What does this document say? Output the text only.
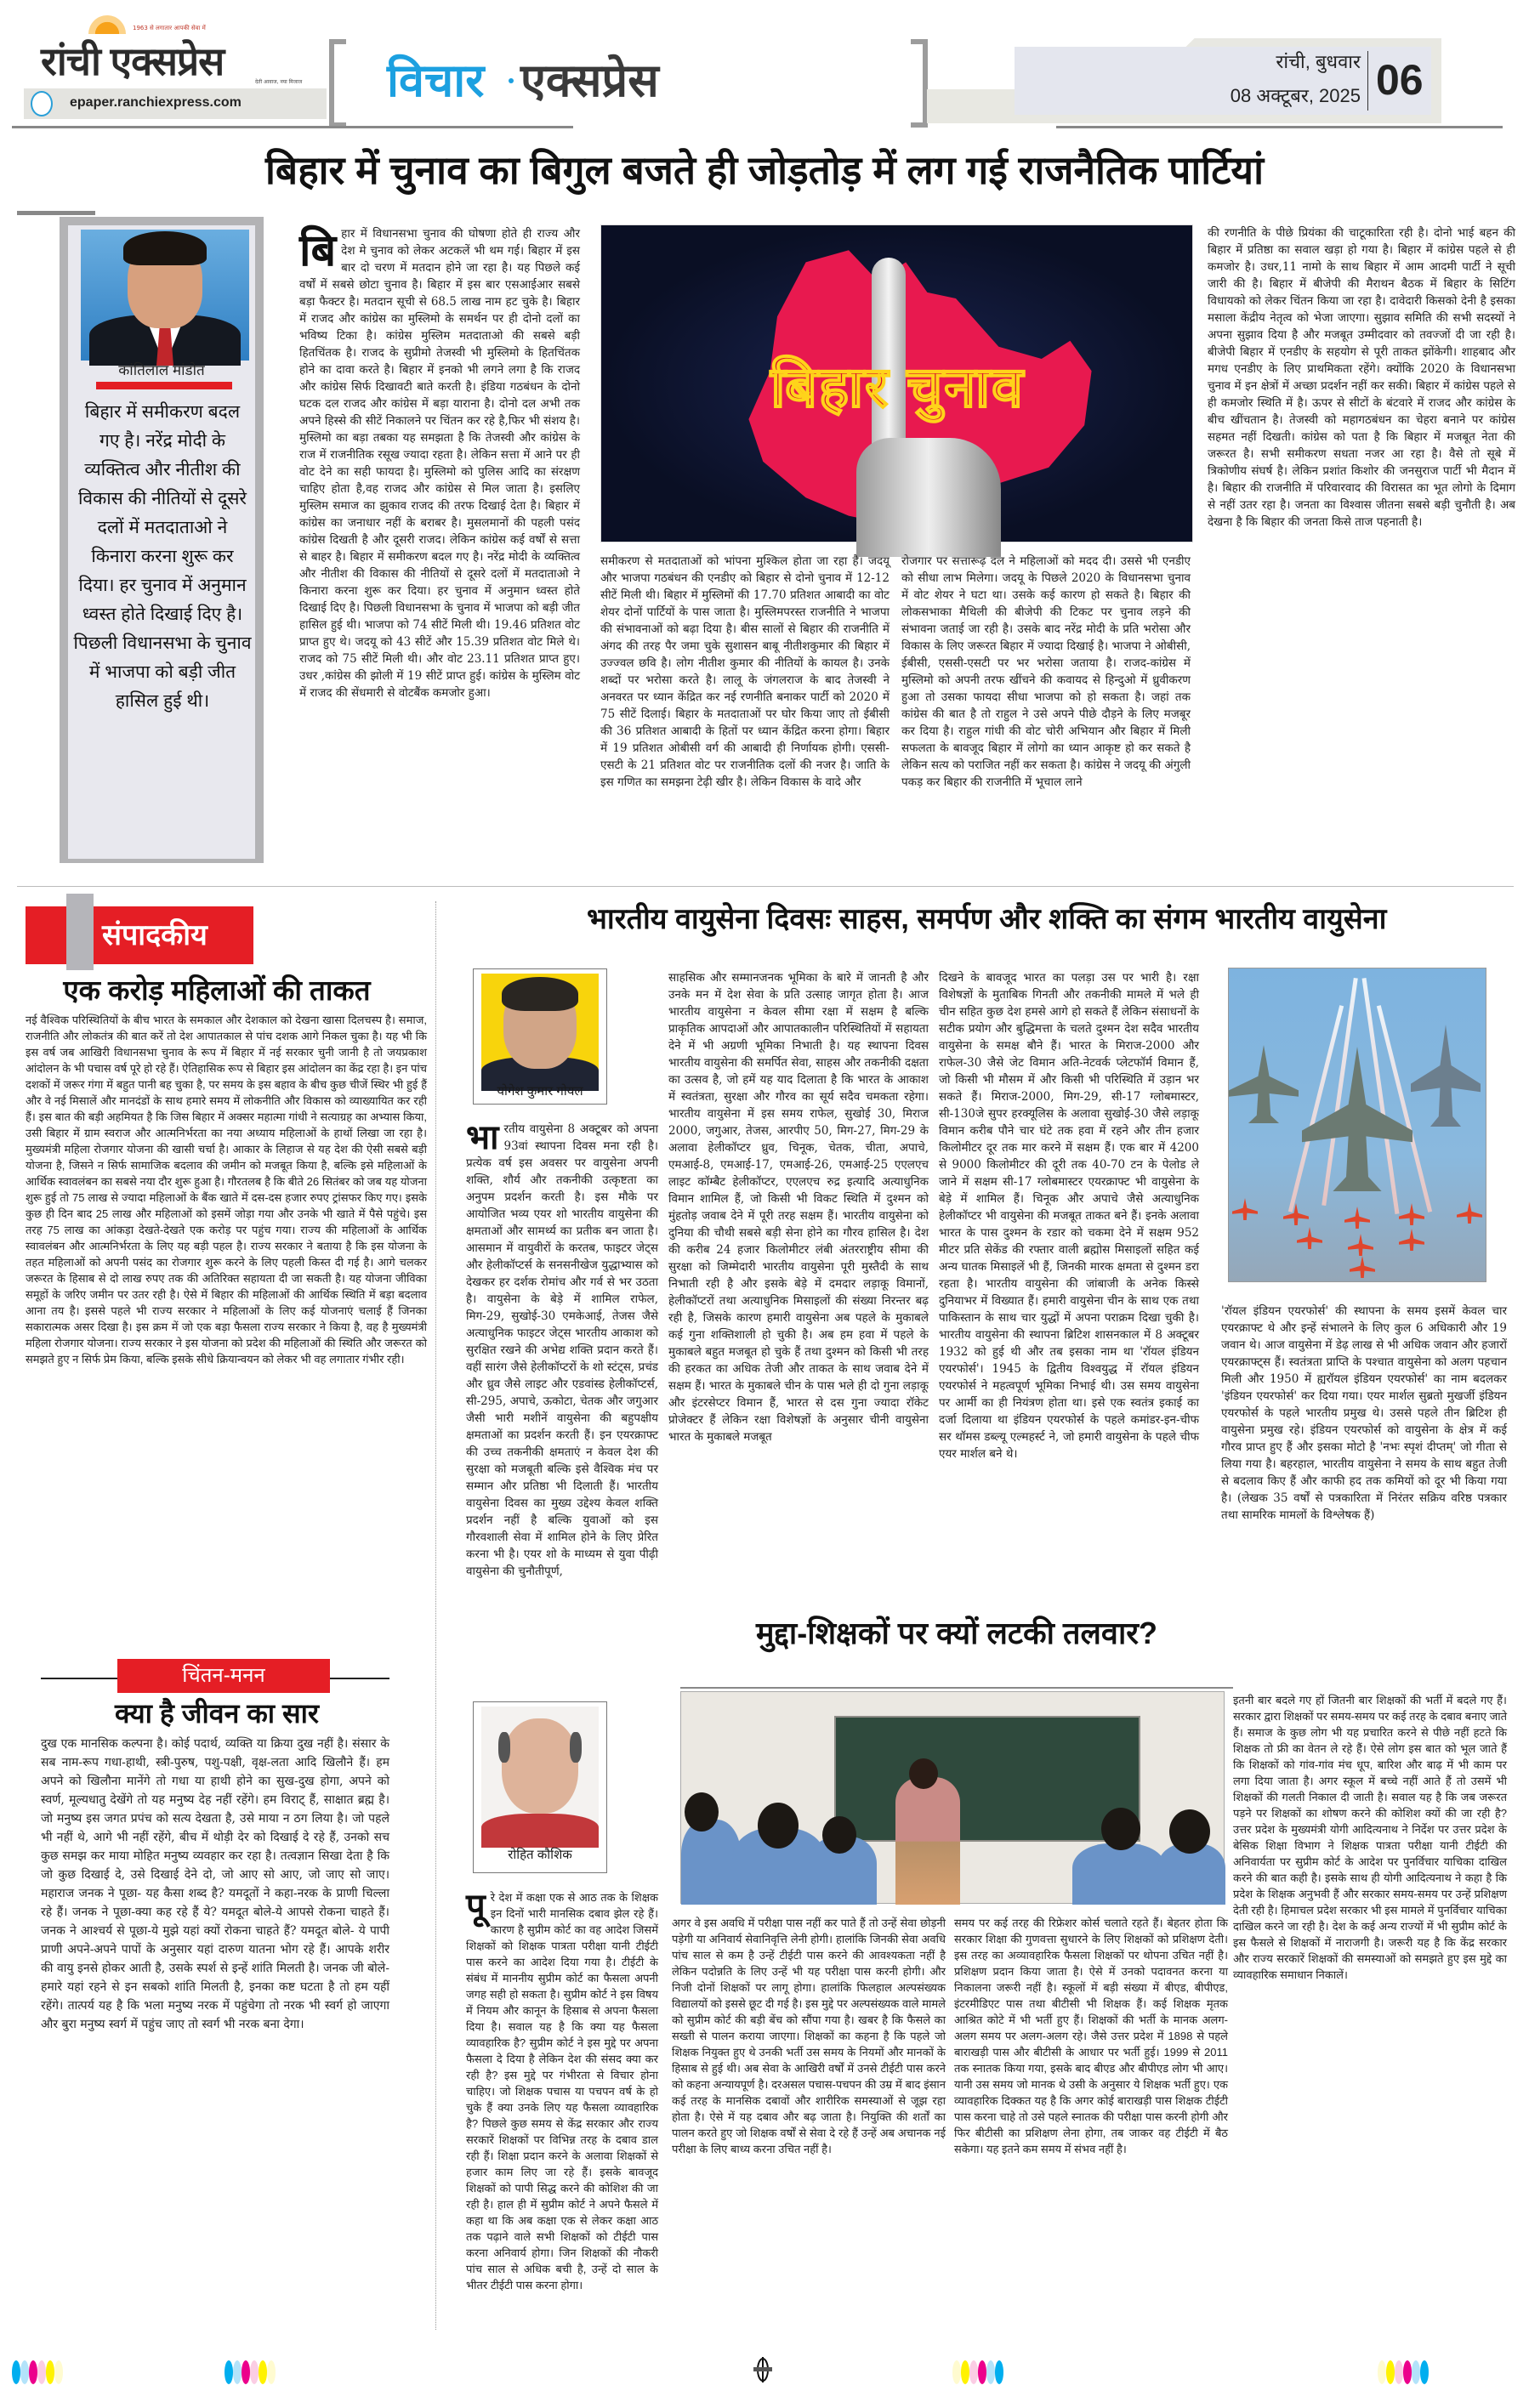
1963 से लगातार आपकी सेवा में
रांची एक्सप्रेस	देती आवाज, नया मिजाज
epaper.ranchiexpress.com	विचार एक्सप्रेस	रांची, बुधवार
08 अक्टूबर, 2025 06
बिहार में चुनाव का बिगुल बजते ही जोड़तोड़ में लग गई राजनैतिक पार्टियां
कांतिलाल मांडोत
बिहार में समीकरण बदल गए है। नरेंद्र मोदी के व्यक्तित्व और नीतीश की विकास की नीतियों से दूसरे दलों में मतदाताओ ने किनारा करना शुरू कर दिया। हर चुनाव में अनुमान ध्वस्त होते दिखाई दिए है। पिछली विधानसभा के चुनाव में भाजपा को बड़ी जीत हासिल हुई थी।
बि हार में विधानसभा चुनाव की घोषणा होते ही राज्य और देश मे चुनाव को लेकर अटकलें भी थम गई। बिहार में इस बार दो चरण में मतदान होने जा रहा है। यह पिछले कई वर्षों में सबसे छोटा चुनाव है। बिहार में इस बार एसआईआर सबसे बड़ा फैक्टर है। मतदान सूची से 68.5 लाख नाम हट चुके है। बिहार में राजद और कांग्रेस का मुस्लिमो के समर्थन पर ही दोनो दलों का भविष्य टिका है। कांग्रेस मुस्लिम मतदाताओ की सबसे बड़ी हितचिंतक है। राजद के सुप्रीमो तेजस्वी भी मुस्लिमो के हितचिंतक होने का दावा करते है। बिहार में इनको भी लगने लगा है कि राजद और कांग्रेस सिर्फ दिखावटी बाते करती है। इंडिया गठबंधन के दोनो घटक दल राजद और कांग्रेस में बड़ा याराना है। दोनो दल अभी तक अपने हिस्से की सीटें निकालने पर चिंतन कर रहे है,फिर भी संशय है। मुस्लिमो का बड़ा तबका यह समझता है कि तेजस्वी और कांग्रेस के राज में राजनीतिक रसूख ज्यादा रहता है। लेकिन सत्ता में आने पर ही वोट देने का सही फायदा है। मुस्लिमो को पुलिस आदि का संरक्षण चाहिए होता है,वह राजद और कांग्रेस से मिल जाता है। इसलिए मुस्लिम समाज का झुकाव राजद की तरफ दिखाई देता है। बिहार में कांग्रेस का जनाधार नहीं के बराबर है। मुसलमानों की पहली पसंद कांग्रेस दिखती है और दूसरी राजद। लेकिन कांग्रेस कई वर्षों से सत्ता से बाहर है। बिहार में समीकरण बदल गए है। नरेंद्र मोदी के व्यक्तित्व और नीतीश की विकास की नीतियों से दूसरे दलों में मतदाताओ ने किनारा करना शुरू कर दिया। हर चुनाव में अनुमान ध्वस्त होते दिखाई दिए है। पिछली विधानसभा के चुनाव में भाजपा को बड़ी जीत हासिल हुई थी। भाजपा को 74 सीटें मिली थी। 19.46 प्रतिशत वोट प्राप्त हुए थे। जदयू को 43 सीटें और 15.39 प्रतिशत वोट मिले थे। राजद को 75 सीटें मिली थी। और वोट 23.11 प्रतिशत प्राप्त हुए। उधर ,कांग्रेस की झोली में 19 सीटें प्राप्त हुई। कांग्रेस के मुस्लिम वोट में राजद की सेंधमारी से वोटबैंक कमजोर हुआ।
बिहार चुनाव
समीकरण से मतदाताओं को भांपना मुश्किल होता जा रहा है। जदयू और भाजपा गठबंधन की एनडीए को बिहार से दोनो चुनाव में 12-12 सीटें मिली थी। बिहार में मुस्लिमों की 17.70 प्रतिशत आबादी का वोट शेयर दोनों पार्टियों के पास जाता है। मुस्लिमपरस्त राजनीति ने भाजपा की संभावनाओं को बढ़ा दिया है। बीस सालों से बिहार की राजनीति में अंगद की तरह पैर जमा चुके सुशासन बाबू नीतीशकुमार की बिहार में उज्ज्वल छवि है। लोग नीतीश कुमार की नीतियों के कायल है। उनके शब्दों पर भरोसा करते है। लालू के जंगलराज के बाद तेजस्वी ने अनवरत पर ध्यान केंद्रित कर नई रणनीति बनाकर पार्टी को 2020 में 75 सीटें दिलाई। बिहार के मतदाताओं पर घोर किया जाए तो ईबीसी की 36 प्रतिशत आबादी के हितों पर ध्यान केंद्रित करना होगा। बिहार में 19 प्रतिशत ओबीसी वर्ग की आबादी ही निर्णायक होगी। एससी-एसटी के 21 प्रतिशत वोट पर राजनीतिक दलों की नजर है। जाति के इस गणित का समझना टेढ़ी खीर है। लेकिन विकास के वादे और
रोजगार पर सत्तारूढ़ दल ने महिलाओं को मदद दी। उससे भी एनडीए को सीधा लाभ मिलेगा। जदयू के पिछले 2020 के विधानसभा चुनाव में वोट शेयर ने घटा था। उसके कई कारण हो सकते है। बिहार की लोकसभाका मैथिली की बीजेपी की टिकट पर चुनाव लड़ने की संभावना जताई जा रही है। उसके बाद नरेंद्र मोदी के प्रति भरोसा और विकास के लिए जरूरत बिहार में ज्यादा दिखाई है। भाजपा ने ओबीसी, ईबीसी, एससी-एसटी पर भर भरोसा जताया है। राजद-कांग्रेस में मुस्लिमो को अपनी तरफ खींचने की कवायद से हिन्दुओ में ध्रुवीकरण हुआ तो उसका फायदा सीधा भाजपा को हो सकता है। जहां तक कांग्रेस की बात है तो राहुल ने उसे अपने पीछे दौड़ने के लिए मजबूर कर दिया है। राहुल गांधी की वोट चोरी अभियान और बिहार में मिली सफलता के बावजूद बिहार में लोगो का ध्यान आकृष्ट हो कर सकते है लेकिन सत्य को पराजित नहीं कर सकता है। कांग्रेस ने जदयू की अंगुली पकड़ कर बिहार की राजनीति में भूचाल लाने
की रणनीति के पीछे प्रियंका की चाटूकारिता रही है। दोनो भाई बहन की बिहार में प्रतिष्ठा का सवाल खड़ा हो गया है। बिहार में कांग्रेस पहले से ही कमजोर है। उधर,11 नामो के साथ बिहार में आम आदमी पार्टी ने सूची जारी की है। बिहार में बीजेपी की मैराथन बैठक में बिहार के सिटिंग विधायको को लेकर चिंतन किया जा रहा है। दावेदारी किसको देनी है इसका मसाला केंद्रीय नेतृत्व को भेजा जाएगा। सुझाव समिति की सभी सदस्यों ने अपना सुझाव दिया है और मजबूत उम्मीदवार को तवज्जों दी जा रही है। बीजेपी बिहार में एनडीए के सहयोग से पूरी ताकत झोंकेगी। शाहबाद और मगध एनडीए के लिए प्राथमिकता रहेंगे। क्योंकि 2020 के विधानसभा चुनाव में इन क्षेत्रों में अच्छा प्रदर्शन नहीं कर सकी। बिहार में कांग्रेस पहले से ही कमजोर स्थिति में है। ऊपर से सीटों के बंटवारे में राजद और कांग्रेस के बीच खींचतान है। तेजस्वी को महागठबंधन का चेहरा बनाने पर कांग्रेस सहमत नहीं दिखती। कांग्रेस को पता है कि बिहार में मजबूत नेता की जरूरत है। सभी समीकरण सधता नजर आ रहा है। वैसे तो सूबे में त्रिकोणीय संघर्ष है। लेकिन प्रशांत किशोर की जनसुराज पार्टी भी मैदान में है। बिहार की राजनीति में परिवारवाद की विरासत का भूत लोगो के दिमाग से नहीं उतर रहा है। जनता का विश्वास जीतना सबसे बड़ी चुनौती है। अब देखना है कि बिहार की जनता किसे ताज पहनाती है।
संपादकीय
एक करोड़ महिलाओं की ताकत
नई वैश्विक परिस्थितियों के बीच भारत के समकाल और देशकाल को देखना खासा दिलचस्प है। समाज, राजनीति और लोकतंत्र की बात करें तो देश आपातकाल से पांच दशक आगे निकल चुका है। यह भी कि इस वर्ष जब आखिरी विधानसभा चुनाव के रूप में बिहार में नई सरकार चुनी जानी है तो जयप्रकाश आंदोलन के भी पचास वर्ष पूरे हो रहे हैं। ऐतिहासिक रूप से बिहार इस आंदोलन का केंद्र रहा है। इन पांच दशकों में जरूर गंगा में बहुत पानी बह चुका है, पर समय के इस बहाव के बीच कुछ चीजें स्थिर भी हुई हैं और वे नई मिसालें और मानदंडों के साथ हमारे समय में लोकनीति और विकास को व्याख्यायित कर रही हैं। इस बात की बड़ी अहमियत है कि जिस बिहार में अक्सर महात्मा गांधी ने सत्याग्रह का अभ्यास किया, उसी बिहार में ग्राम स्वराज और आत्मनिर्भरता का नया अध्याय महिलाओं के हाथों लिखा जा रहा है। मुख्यमंत्री महिला रोजगार योजना की खासी चर्चा है। आकार के लिहाज से यह देश की ऐसी सबसे बड़ी योजना है, जिसने न सिर्फ सामाजिक बदलाव की जमीन को मजबूत किया है, बल्कि इसे महिलाओं के आर्थिक स्वावलंबन का सबसे नया दौर शुरू हुआ है। गौरतलब है कि बीते 26 सितंबर को जब यह योजना शुरू हुई तो 75 लाख से ज्यादा महिलाओं के बैंक खाते में दस-दस हजार रुपए ट्रांसफर किए गए। इसके कुछ ही दिन बाद 25 लाख और महिलाओं को इसमें जोड़ा गया और उनके भी खाते में पैसे पहुंचे। इस तरह 75 लाख का आंकड़ा देखते-देखते एक करोड़ पर पहुंच गया। राज्य की महिलाओं के आर्थिक स्वावलंबन और आत्मनिर्भरता के लिए यह बड़ी पहल है। राज्य सरकार ने बताया है कि इस योजना के तहत महिलाओं को अपनी पसंद का रोजगार शुरू करने के लिए पहली किस्त दी गई है। आगे चलकर जरूरत के हिसाब से दो लाख रुपए तक की अतिरिक्त सहायता दी जा सकती है। यह योजना जीविका समूहों के जरिए जमीन पर उतर रही है। ऐसे में बिहार की महिलाओं की आर्थिक स्थिति में बड़ा बदलाव आना तय है। इससे पहले भी राज्य सरकार ने महिलाओं के लिए कई योजनाएं चलाई हैं जिनका सकारात्मक असर दिखा है। इस क्रम में जो एक बड़ा फैसला राज्य सरकार ने किया है, वह है मुख्यमंत्री महिला रोजगार योजना। राज्य सरकार ने इस योजना को प्रदेश की महिलाओं की स्थिति और जरूरत को समझते हुए न सिर्फ प्रेम किया, बल्कि इसके सीधे क्रियान्वयन को लेकर भी वह लगातार गंभीर रही।
चिंतन-मनन
क्या है जीवन का सार
दुख एक मानसिक कल्पना है। कोई पदार्थ, व्यक्ति या क्रिया दुख नहीं है। संसार के सब नाम-रूप गधा-हाथी, स्त्री-पुरुष, पशु-पक्षी, वृक्ष-लता आदि खिलौने हैं। हम अपने को खिलौना मानेंगे तो गधा या हाथी होने का सुख-दुख होगा, अपने को स्वर्ण, मूल्यधातु देखेंगे तो यह मनुष्य देह नहीं रहेंगे। हम विराट् हैं, साक्षात ब्रह्म है। जो मनुष्य इस जगत प्रपंच को सत्य देखता है, उसे माया न ठग लिया है। जो पहले भी नहीं थे, आगे भी नहीं रहेंगे, बीच में थोड़ी देर को दिखाई दे रहे हैं, उनको सच कुछ समझ कर माया मोहित मनुष्य व्यवहार कर रहा है। तत्वज्ञान सिखा देता है कि जो कुछ दिखाई दे, उसे दिखाई देने दो, जो आए सो आए, जो जाए सो जाए। महाराज जनक ने पूछा- यह कैसा शब्द है? यमदूतों ने कहा-नरक के प्राणी चिल्ला रहे हैं। जनक ने पूछा-क्या कह रहे हैं ये? यमदूत बोले-ये आपसे रोकना चाहते हैं। जनक ने आश्चर्य से पूछा-ये मुझे यहां क्यों रोकना चाहते हैं? यमदूत बोले- ये पापी प्राणी अपने-अपने पापों के अनुसार यहां दारुण यातना भोग रहे हैं। आपके शरीर की वायु इनसे होकर आती है, उसके स्पर्श से इन्हें शांति मिलती है। जनक जी बोले-हमारे यहां रहने से इन सबको शांति मिलती है, इनका कष्ट घटता है तो हम यहीं रहेंगे। तात्पर्य यह है कि भला मनुष्य नरक में पहुंचेगा तो नरक भी स्वर्ग हो जाएगा और बुरा मनुष्य स्वर्ग में पहुंच जाए तो स्वर्ग भी नरक बना देगा।
भारतीय वायुसेना दिवसः साहस, समर्पण और शक्ति का संगम भारतीय वायुसेना
योगेश कुमार गोयल
भा रतीय वायुसेना 8 अक्टूबर को अपना 93वां स्थापना दिवस मना रही है। प्रत्येक वर्ष इस अवसर पर वायुसेना अपनी शक्ति, शौर्य और तकनीकी उत्कृष्टता का अनुपम प्रदर्शन करती है। इस मौके पर आयोजित भव्य एयर शो भारतीय वायुसेना की क्षमताओं और सामर्थ्य का प्रतीक बन जाता है। आसमान में वायुवीरों के करतब, फाइटर जेट्स और हेलीकॉप्टर्स के सनसनीखेज युद्धाभ्यास को देखकर हर दर्शक रोमांच और गर्व से भर उठता है। वायुसेना के बेड़े में शामिल राफेल, मिग-29, सुखोई-30 एमकेआई, तेजस जैसे अत्याधुनिक फाइटर जेट्स भारतीय आकाश को सुरक्षित रखने की अभेद्य शक्ति प्रदान करते हैं। वहीं सारंग जैसे हेलीकॉप्टरों के शो स्टंट्स, प्रचंड और ध्रुव जैसे लाइट और एडवांस्ड हेलीकॉप्टर्स, सी-295, अपाचे, ऊकोटा, चेतक और जगुआर जैसी भारी मशीनें वायुसेना की बहुपक्षीय क्षमताओं का प्रदर्शन करती हैं। इन एयरक्राफ्ट की उच्च तकनीकी क्षमताएं न केवल देश की सुरक्षा को मजबूती बल्कि इसे वैश्विक मंच पर सम्मान और प्रतिष्ठा भी दिलाती हैं। भारतीय वायुसेना दिवस का मुख्य उद्देश्य केवल शक्ति प्रदर्शन नहीं है बल्कि युवाओं को इस गौरवशाली सेवा में शामिल होने के लिए प्रेरित करना भी है। एयर शो के माध्यम से युवा पीढ़ी वायुसेना की चुनौतीपूर्ण,
साहसिक और सम्मानजनक भूमिका के बारे में जानती है और उनके मन में देश सेवा के प्रति उत्साह जागृत होता है। आज भारतीय वायुसेना न केवल सीमा रक्षा में सक्षम है बल्कि प्राकृतिक आपदाओं और आपातकालीन परिस्थितियों में सहायता देने में भी अग्रणी भूमिका निभाती है। यह स्थापना दिवस भारतीय वायुसेना की समर्पित सेवा, साहस और तकनीकी दक्षता का उत्सव है, जो हमें यह याद दिलाता है कि भारत के आकाश में स्वतंत्रता, सुरक्षा और गौरव का सूर्य सदैव चमकता रहेगा। भारतीय वायुसेना में इस समय राफेल, सुखोई 30, मिराज 2000, जगुआर, तेजस, आरपीए 50, मिग-27, मिग-29 के अलावा हेलीकॉप्टर ध्रुव, चिनूक, चेतक, चीता, अपाचे, एमआई-8, एमआई-17, एमआई-26, एमआई-25 एएलएच लाइट कॉम्बैट हेलीकॉप्टर, एएलएच रुद्र इत्यादि अत्याधुनिक विमान शामिल हैं, जो किसी भी विकट स्थिति में दुश्मन को मुंहतोड़ जवाब देने में पूरी तरह सक्षम हैं। भारतीय वायुसेना को दुनिया की चौथी सबसे बड़ी सेना होने का गौरव हासिल है। देश की करीब 24 हजार किलोमीटर लंबी अंतरराष्ट्रीय सीमा की सुरक्षा को जिम्मेदारी भारतीय वायुसेना पूरी मुस्तैदी के साथ निभाती रही है और इसके बेड़े में दमदार लड़ाकू विमानों, हेलीकॉप्टरों तथा अत्याधुनिक मिसाइलों की संख्या निरन्तर बढ़ रही है, जिसके कारण हमारी वायुसेना अब पहले के मुकाबले कई गुना शक्तिशाली हो चुकी है। अब हम हवा में पहले के मुकाबले बहुत मजबूत हो चुके हैं तथा दुश्मन को किसी भी तरह की हरकत का अधिक तेजी और ताकत के साथ जवाब देने में सक्षम हैं। भारत के मुकाबले चीन के पास भले ही दो गुना लड़ाकू और इंटरसेप्टर विमान हैं, भारत से दस गुना ज्यादा रॉकेट प्रोजेक्टर हैं लेकिन रक्षा विशेषज्ञों के अनुसार चीनी वायुसेना भारत के मुकाबले मजबूत
दिखने के बावजूद भारत का पलड़ा उस पर भारी है। रक्षा विशेषज्ञों के मुताबिक गिनती और तकनीकी मामले में भले ही चीन सहित कुछ देश हमसे आगे हो सकते हैं लेकिन संसाधनों के सटीक प्रयोग और बुद्धिमत्ता के चलते दुश्मन देश सदैव भारतीय वायुसेना के समक्ष बौने हैं। भारत के मिराज-2000 और राफेल-30 जैसे जेट विमान अति-नेटवर्क प्लेटफॉर्म विमान हैं, जो किसी भी मौसम में और किसी भी परिस्थिति में उड़ान भर सकते हैं। मिराज-2000, मिग-29, सी-17 ग्लोबमास्टर, सी-130जे सुपर हरक्यूलिस के अलावा सुखोई-30 जैसे लड़ाकू विमान करीब पौने चार घंटे तक हवा में रहने और तीन हजार किलोमीटर दूर तक मार करने में सक्षम हैं। एक बार में 4200 से 9000 किलोमीटर की दूरी तक 40-70 टन के पेलोड ले जाने में सक्षम सी-17 ग्लोबमास्टर एयरक्राफ्ट भी वायुसेना के बेड़े में शामिल हैं। चिनूक और अपाचे जैसे अत्याधुनिक हेलीकॉप्टर भी वायुसेना की मजबूत ताकत बने हैं। इनके अलावा भारत के पास दुश्मन के रडार को चकमा देने में सक्षम 952 मीटर प्रति सेकेंड की रफ्तार वाली ब्रह्मोस मिसाइलों सहित कई अन्य घातक मिसाइलें भी हैं, जिनकी मारक क्षमता से दुश्मन डरा रहता है। भारतीय वायुसेना की जांबाजी के अनेक किस्से दुनियाभर में विख्यात हैं। हमारी वायुसेना चीन के साथ एक तथा पाकिस्तान के साथ चार युद्धों में अपना पराक्रम दिखा चुकी है। भारतीय वायुसेना की स्थापना ब्रिटिश शासनकाल में 8 अक्टूबर 1932 को हुई थी और तब इसका नाम था 'रॉयल इंडियन एयरफोर्स'। 1945 के द्वितीय विश्वयुद्ध में रॉयल इंडियन एयरफोर्स ने महत्वपूर्ण भूमिका निभाई थी। उस समय वायुसेना पर आर्मी का ही नियंत्रण होता था। इसे एक स्वतंत्र इकाई का दर्जा दिलाया था इंडियन एयरफोर्स के पहले कमांडर-इन-चीफ सर थॉमस डब्ल्यू एल्महर्स्ट ने, जो हमारी वायुसेना के पहले चीफ एयर मार्शल बने थे।
'रॉयल इंडियन एयरफोर्स' की स्थापना के समय इसमें केवल चार एयरक्राफ्ट थे और इन्हें संभालने के लिए कुल 6 अधिकारी और 19 जवान थे। आज वायुसेना में डेढ़ लाख से भी अधिक जवान और हजारों एयरक्राफ्ट्स हैं। स्वतंत्रता प्राप्ति के पश्चात वायुसेना को अलग पहचान मिली और 1950 में ह्यरॉयल इंडियन एयरफोर्स' का नाम बदलकर 'इंडियन एयरफोर्स' कर दिया गया। एयर मार्शल सुब्रतो मुखर्जी इंडियन एयरफोर्स के पहले भारतीय प्रमुख थे। उससे पहले तीन ब्रिटिश ही वायुसेना प्रमुख रहे। इंडियन एयरफोर्स को वायुसेना के क्षेत्र में कई गौरव प्राप्त हुए हैं और इसका मोटो है 'नभः स्पृशं दीप्तम्' जो गीता से लिया गया है। बहरहाल, भारतीय वायुसेना ने समय के साथ बहुत तेजी से बदलाव किए हैं और काफी हद तक कमियों को दूर भी किया गया है। (लेखक 35 वर्षों से पत्रकारिता में निरंतर सक्रिय वरिष्ठ पत्रकार तथा सामरिक मामलों के विश्लेषक हैं)
मुद्दा-शिक्षकों पर क्यों लटकी तलवार?
रोहित कौशिक
पू रे देश में कक्षा एक से आठ तक के शिक्षक इन दिनों भारी मानसिक दबाव झेल रहे हैं। कारण है सुप्रीम कोर्ट का वह आदेश जिसमें शिक्षकों को शिक्षक पात्रता परीक्षा यानी टीईटी पास करने का आदेश दिया गया है। टीईटी के संबंध में माननीय सुप्रीम कोर्ट का फैसला अपनी जगह सही हो सकता है। सुप्रीम कोर्ट ने इस विषय में नियम और कानून के हिसाब से अपना फैसला दिया है। सवाल यह है कि क्या यह फैसला व्यावहारिक है? सुप्रीम कोर्ट ने इस मुद्दे पर अपना फैसला दे दिया है लेकिन देश की संसद क्या कर रही है? इस मुद्दे पर गंभीरता से विचार होना चाहिए। जो शिक्षक पचास या पचपन वर्ष के हो चुके हैं क्या उनके लिए यह फैसला व्यावहारिक है? पिछले कुछ समय से केंद्र सरकार और राज्य सरकारें शिक्षकों पर विभिन्न तरह के दबाव डाल रही हैं। शिक्षा प्रदान करने के अलावा शिक्षकों से हजार काम लिए जा रहे हैं। इसके बावजूद शिक्षकों को पापी सिद्ध करने की कोशिश की जा रही है। हाल ही में सुप्रीम कोर्ट ने अपने फैसले में कहा था कि अब कक्षा एक से लेकर कक्षा आठ तक पढ़ाने वाले सभी शिक्षकों को टीईटी पास करना अनिवार्य होगा। जिन शिक्षकों की नौकरी पांच साल से अधिक बची है, उन्हें दो साल के भीतर टीईटी पास करना होगा।
अगर वे इस अवधि में परीक्षा पास नहीं कर पाते हैं तो उन्हें सेवा छोड़नी पड़ेगी या अनिवार्य सेवानिवृत्ति लेनी होगी। हालांकि जिनकी सेवा अवधि पांच साल से कम है उन्हें टीईटी पास करने की आवश्यकता नहीं है लेकिन पदोन्नति के लिए उन्हें भी यह परीक्षा पास करनी होगी। और निजी दोनों शिक्षकों पर लागू होगा। हालांकि फिलहाल अल्पसंख्यक विद्यालयों को इससे छूट दी गई है। इस मुद्दे पर अल्पसंख्यक वाले मामले को सुप्रीम कोर्ट की बड़ी बेंच को सौंपा गया है। खबर है कि फैसले का सख्ती से पालन कराया जाएगा। शिक्षकों का कहना है कि पहले जो शिक्षक नियुक्त हुए थे उनकी भर्ती उस समय के नियमों और मानकों के हिसाब से हुई थी। अब सेवा के आखिरी वर्षों में उनसे टीईटी पास करने को कहना अन्यायपूर्ण है। दरअसल पचास-पचपन की उम्र में बाद इंसान कई तरह के मानसिक दबावों और शारीरिक समस्याओं से जूझ रहा होता है। ऐसे में यह दबाव और बढ़ जाता है। नियुक्ति की शर्तों का पालन करते हुए जो शिक्षक वर्षों से सेवा दे रहे हैं उन्हें अब अचानक नई परीक्षा के लिए बाध्य करना उचित नहीं है।
समय पर कई तरह की रिफ्रेशर कोर्स चलाते रहते हैं। बेहतर होता कि सरकार शिक्षा की गुणवत्ता सुधारने के लिए शिक्षकों को प्रशिक्षण देती। इस तरह का अव्यावहारिक फैसला शिक्षकों पर थोपना उचित नहीं है। प्रशिक्षण प्रदान किया जाता है। ऐसे में उनको पदावनत करना या निकालना जरूरी नहीं है। स्कूलों में बड़ी संख्या में बीएड, बीपीएड, इंटरमीडिएट पास तथा बीटीसी भी शिक्षक हैं। कई शिक्षक मृतक आश्रित कोटे में भी भर्ती हुए हैं। शिक्षकों की भर्ती के मानक अलग-अलग समय पर अलग-अलग रहे। जैसे उत्तर प्रदेश में 1898 से पहले बाराखड़ी पास और बीटीसी के आधार पर भर्ती हुई। 1999 से 2011 तक स्नातक किया गया, इसके बाद बीएड और बीपीएड लोग भी आए। यानी उस समय जो मानक थे उसी के अनुसार ये शिक्षक भर्ती हुए। एक व्यावहारिक दिक्कत यह है कि अगर कोई बाराखड़ी पास शिक्षक टीईटी पास करना चाहे तो उसे पहले स्नातक की परीक्षा पास करनी होगी और फिर बीटीसी का प्रशिक्षण लेना होगा, तब जाकर वह टीईटी में बैठ सकेगा। यह इतने कम समय में संभव नहीं है।
इतनी बार बदले गए हों जितनी बार शिक्षकों की भर्ती में बदले गए हैं। सरकार द्वारा शिक्षकों पर समय-समय पर कई तरह के दबाव बनाए जाते हैं। समाज के कुछ लोग भी यह प्रचारित करने से पीछे नहीं हटते कि शिक्षक तो फ्री का वेतन ले रहे हैं। ऐसे लोग इस बात को भूल जाते हैं कि शिक्षकों को गांव-गांव मंच धूप, बारिश और बाढ़ में भी काम पर लगा दिया जाता है। अगर स्कूल में बच्चे नहीं आते हैं तो उसमें भी शिक्षकों की गलती निकाल दी जाती है। सवाल यह है कि जब जरूरत पड़ने पर शिक्षकों का शोषण करने की कोशिश क्यों की जा रही है? उत्तर प्रदेश के मुख्यमंत्री योगी आदित्यनाथ ने निर्देश पर उत्तर प्रदेश के बेसिक शिक्षा विभाग ने शिक्षक पात्रता परीक्षा यानी टीईटी की अनिवार्यता पर सुप्रीम कोर्ट के आदेश पर पुनर्विचार याचिका दाखिल करने की बात कही है। इसके साथ ही योगी आदित्यनाथ ने कहा है कि प्रदेश के शिक्षक अनुभवी हैं और सरकार समय-समय पर उन्हें प्रशिक्षण देती रही है। हिमाचल प्रदेश सरकार भी इस मामले में पुनर्विचार याचिका दाखिल करने जा रही है। देश के कई अन्य राज्यों में भी सुप्रीम कोर्ट के इस फैसले से शिक्षकों में नाराजगी है। जरूरी यह है कि केंद्र सरकार और राज्य सरकारें शिक्षकों की समस्याओं को समझते हुए इस मुद्दे का व्यावहारिक समाधान निकालें।
